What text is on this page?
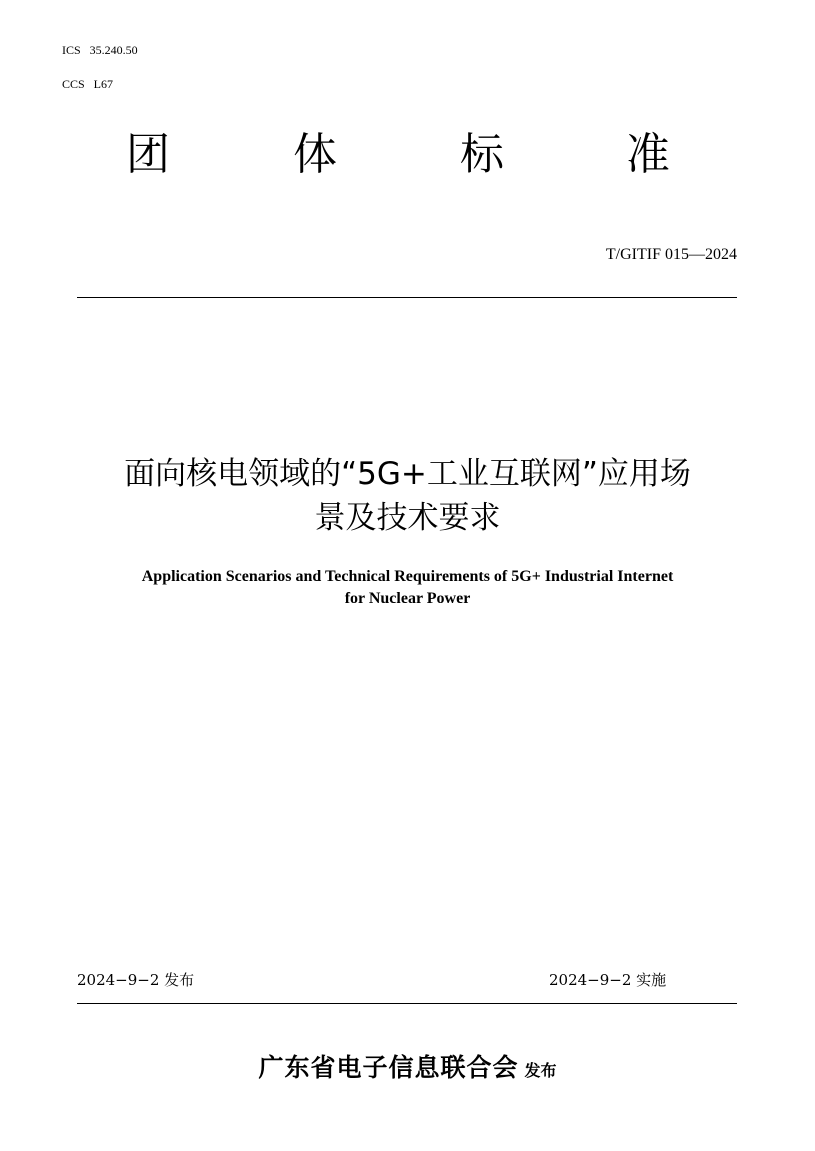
ICS   35.240.50
CCS   L67
团	体	标	准
T/GITIF 015—2024
面向核电领域的“5G+工业互联网”应用场
景及技术要求
Application Scenarios and Technical Requirements of 5G+ Industrial Internet
for Nuclear Power
2024−9−2 发布	2024−9−2 实施
广东省电子信息联合会 发布
